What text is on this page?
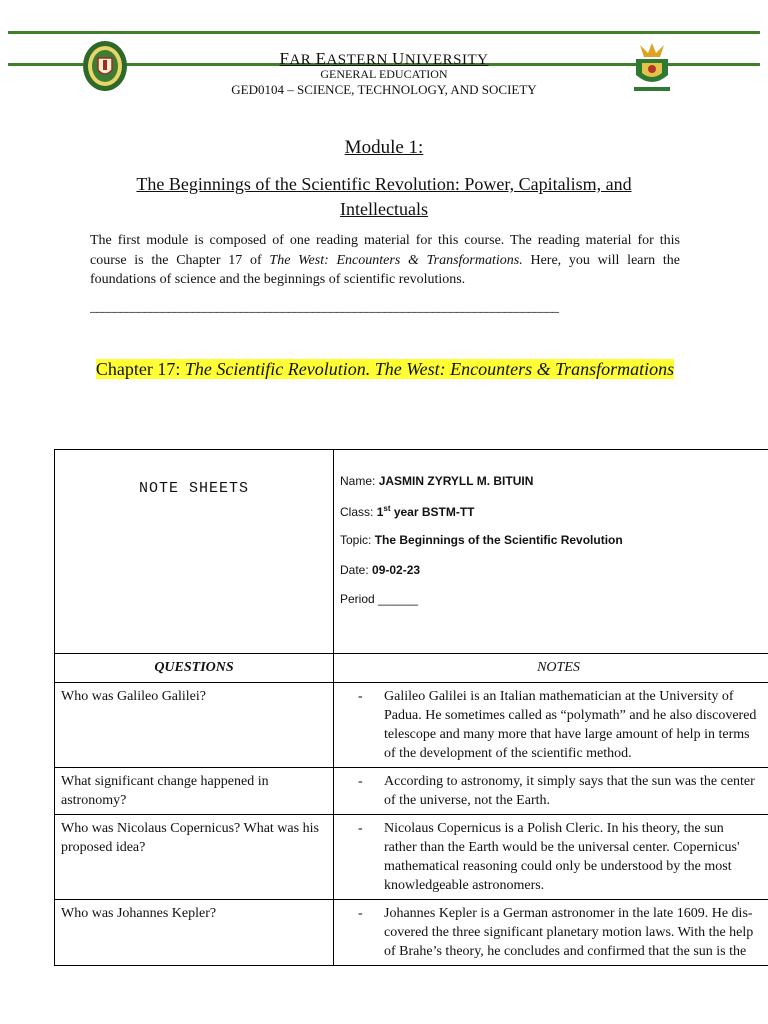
FAR EASTERN UNIVERSITY
GENERAL EDUCATION
GED0104 – SCIENCE, TECHNOLOGY, AND SOCIETY
Module 1:
The Beginnings of the Scientific Revolution: Power, Capitalism, and Intellectuals
The first module is composed of one reading material for this course. The reading material for this course is the Chapter 17 of The West: Encounters & Transformations. Here, you will learn the foundations of science and the beginnings of scientific revolutions.
______________________________________________________________________________
Chapter 17: The Scientific Revolution. The West: Encounters & Transformations
NOTE SHEETS	Name: JASMIN ZYRYLL M. BITUIN
Class: 1st year BSTM-TT
Topic: The Beginnings of the Scientific Revolution
Date: 09-02-23
Period ______

QUESTIONS	NOTES
Who was Galileo Galilei?	- Galileo Galilei is an Italian mathematician at the University of
Padua. He sometimes called as “polymath” and he also discovered
telescope and many more that have large amount of help in terms
of the development of the scientific method.

What significant change happened in astronomy?	- According to astronomy, it simply says that the sun was the center
of the universe, not the Earth.

Who was Nicolaus Copernicus? What was his proposed idea?	- Nicolaus Copernicus is a Polish Cleric. In his theory, the sun
rather than the Earth would be the universal center. Copernicus'
mathematical reasoning could only be understood by the most
knowledgeable astronomers.

Who was Johannes Kepler?	- Johannes Kepler is a German astronomer in the late 1609. He dis-
covered the three significant planetary motion laws. With the help
of Brahe’s theory, he concludes and confirmed that the sun is the
